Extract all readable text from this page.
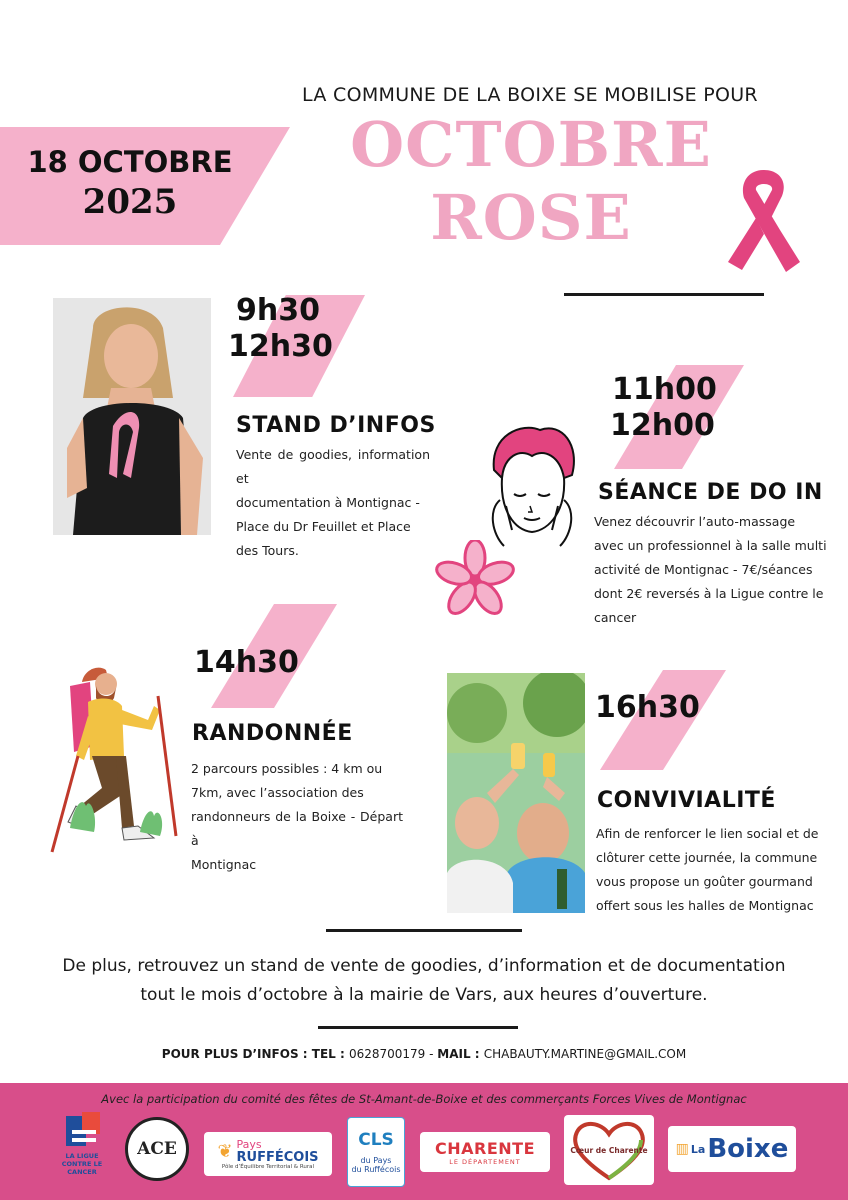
LA COMMUNE DE LA BOIXE SE MOBILISE POUR
18 OCTOBRE
2025
OCTOBRE ROSE
9h30
12h30
STAND D’INFOS
Vente de goodies, information et
documentation à Montignac -
Place du Dr Feuillet et Place
des Tours.
11h00
12h00
SÉANCE DE DO IN
Venez découvrir l’auto-massage
avec un professionnel à la salle multi
activité de Montignac - 7€/séances
dont 2€ reversés à la Ligue contre le
cancer
14h30
RANDONNÉE
2 parcours possibles : 4 km ou
7km, avec l’association des
randonneurs de la Boixe - Départ à
Montignac
16h30
CONVIVIALITÉ
Afin de renforcer le lien social et de
clôturer cette journée, la commune
vous propose un goûter gourmand
offert sous les halles de Montignac
De plus, retrouvez un stand de vente de goodies, d’information et de documentation
tout le mois d’octobre à la mairie de Vars, aux heures d’ouverture.
POUR PLUS D’INFOS : TEL : 0628700179 - MAIL : CHABAUTY.MARTINE@GMAIL.COM
Avec la participation du comité des fêtes de St-Amant-de-Boixe et des commerçants Forces Vives de Montignac
LA LIGUE CONTRE LE CANCER
ACE ❦ Pays
RUFFÉCOIS
Pôle d’Équilibre Territorial & Rural
CLS
du Pays
du Ruffécois
CHARENTE
LE DÉPARTEMENT
Cœur de Charente ▥ La Boixe
